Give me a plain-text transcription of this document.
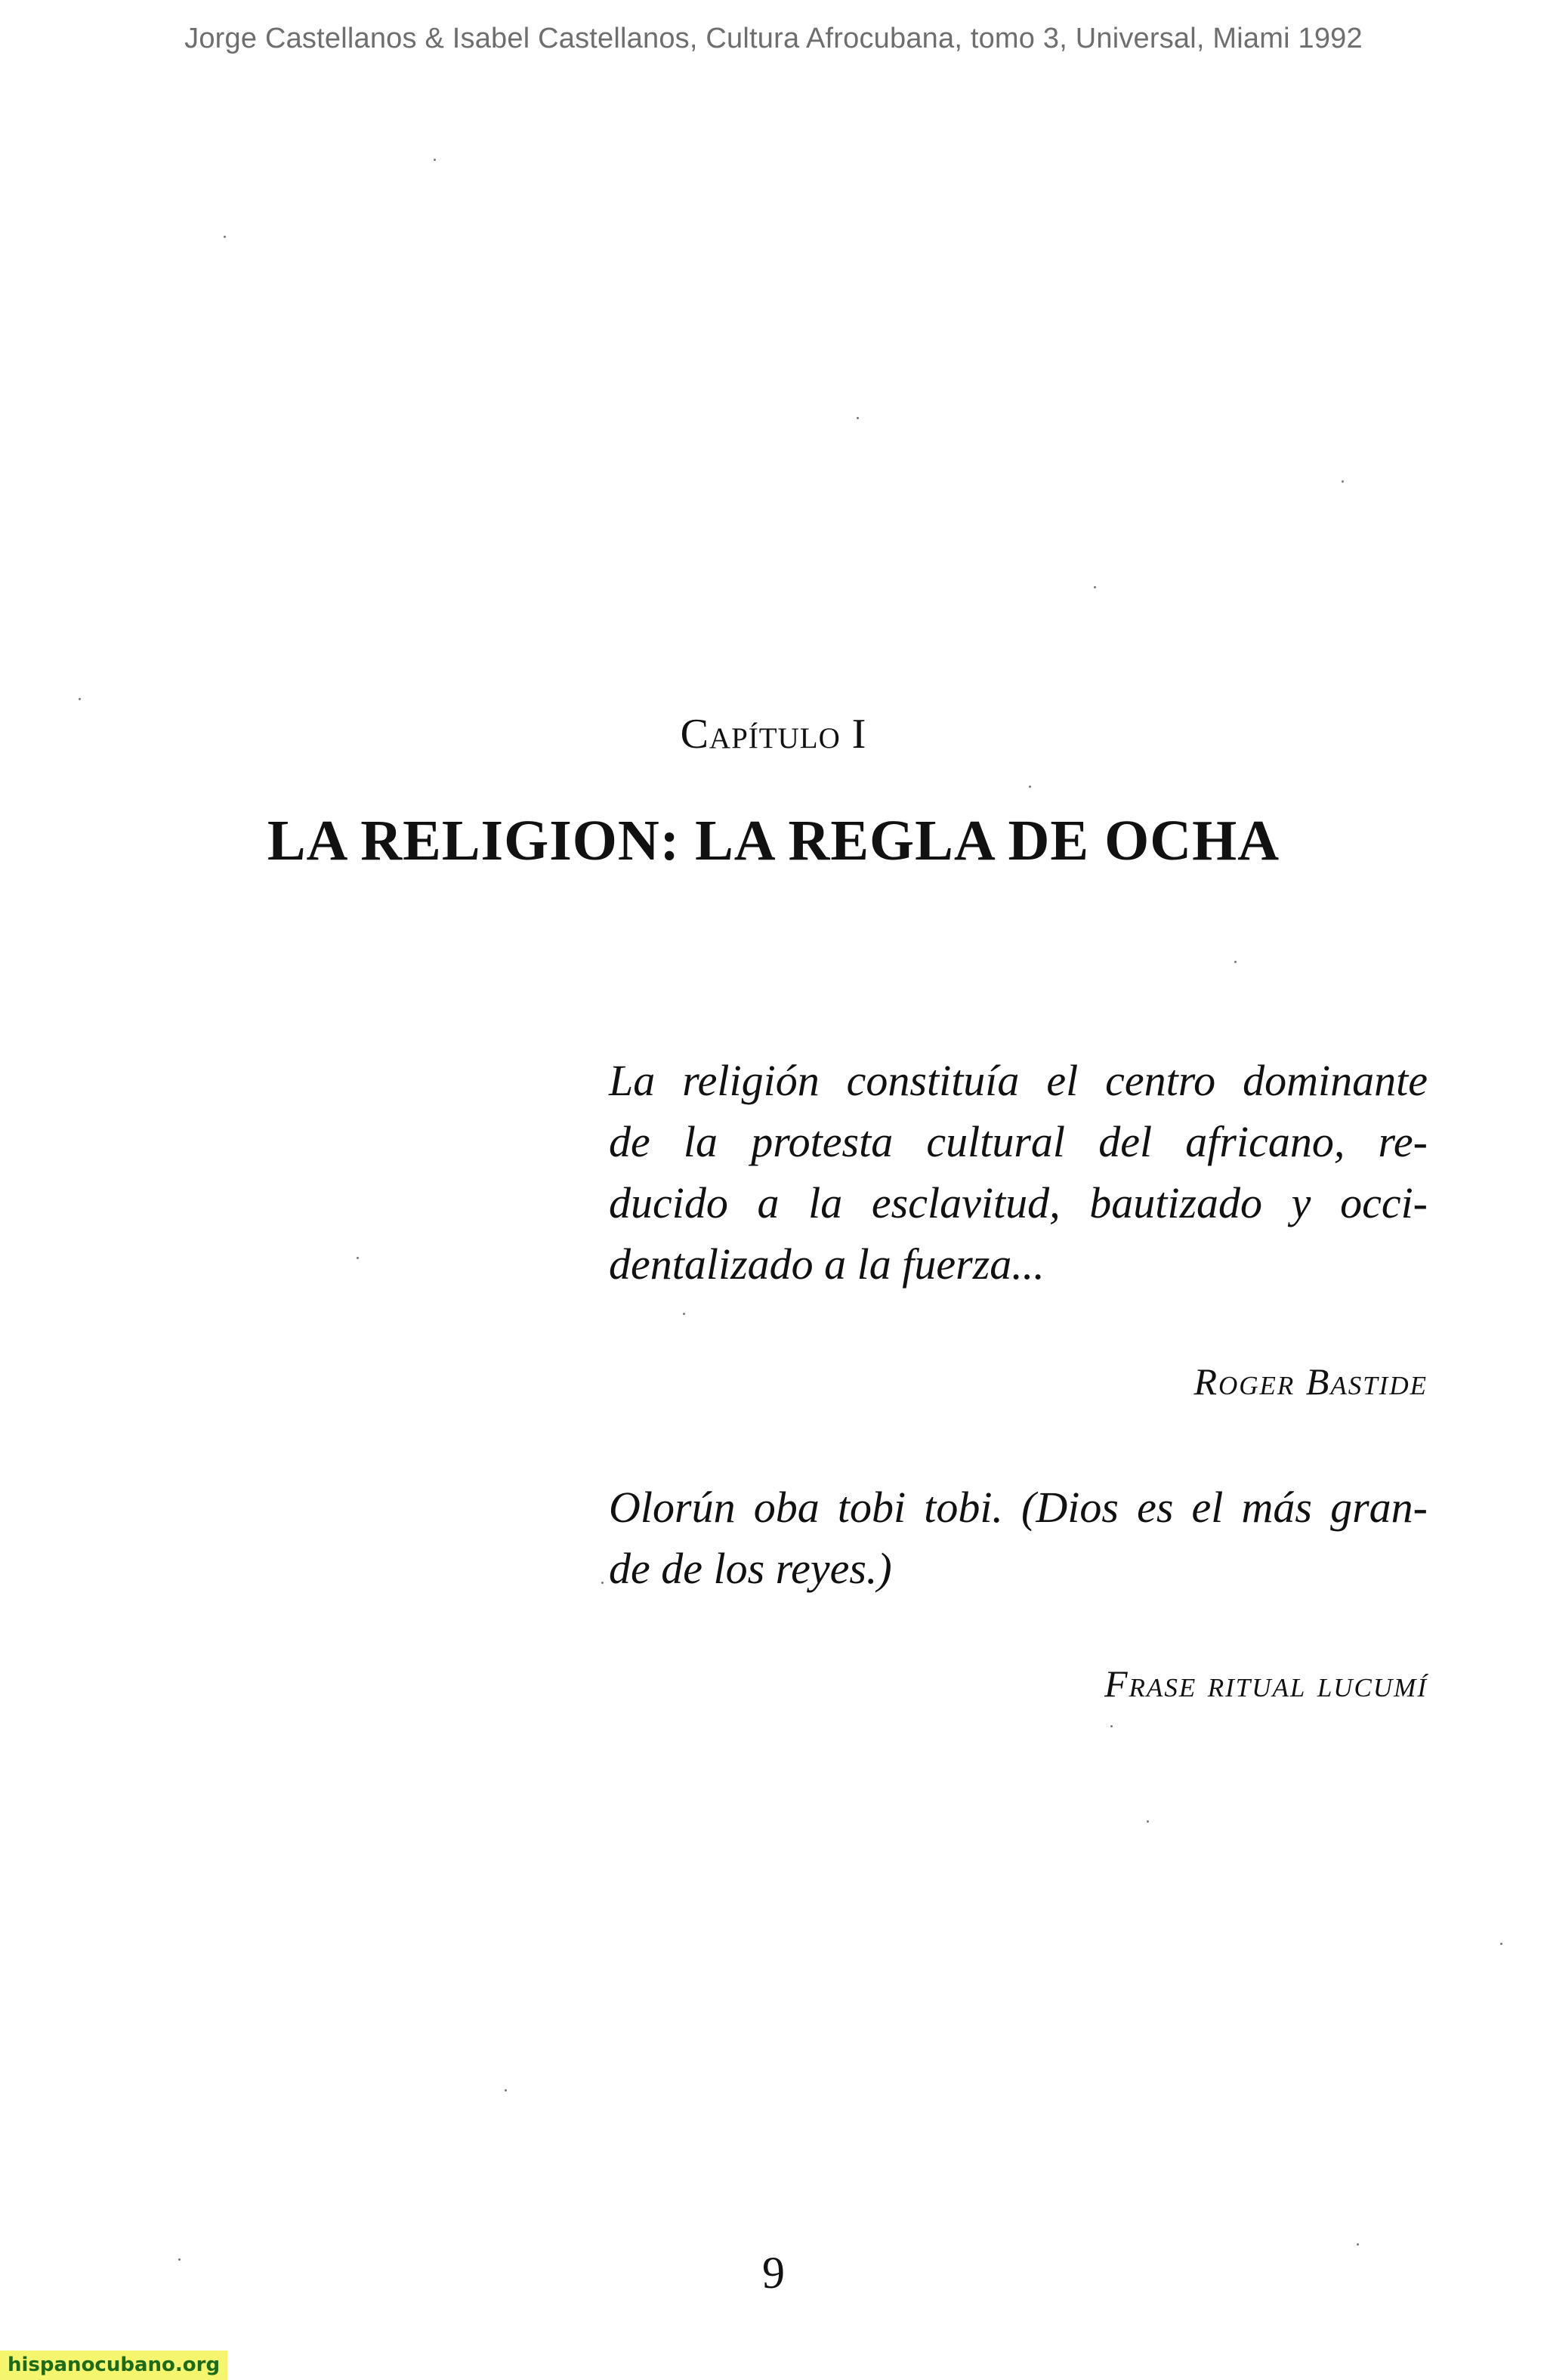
Jorge Castellanos & Isabel Castellanos, Cultura Afrocubana, tomo 3, Universal, Miami 1992
Capítulo I
LA RELIGION: LA REGLA DE OCHA
La religión constituía el centro dominante
de la protesta cultural del africano, re-
ducido a la esclavitud, bautizado y occi-
dentalizado a la fuerza...
Roger Bastide
Olorún oba tobi tobi. (Dios es el más gran-
de de los reyes.)
Frase ritual lucumí
9
hispanocubano.org
